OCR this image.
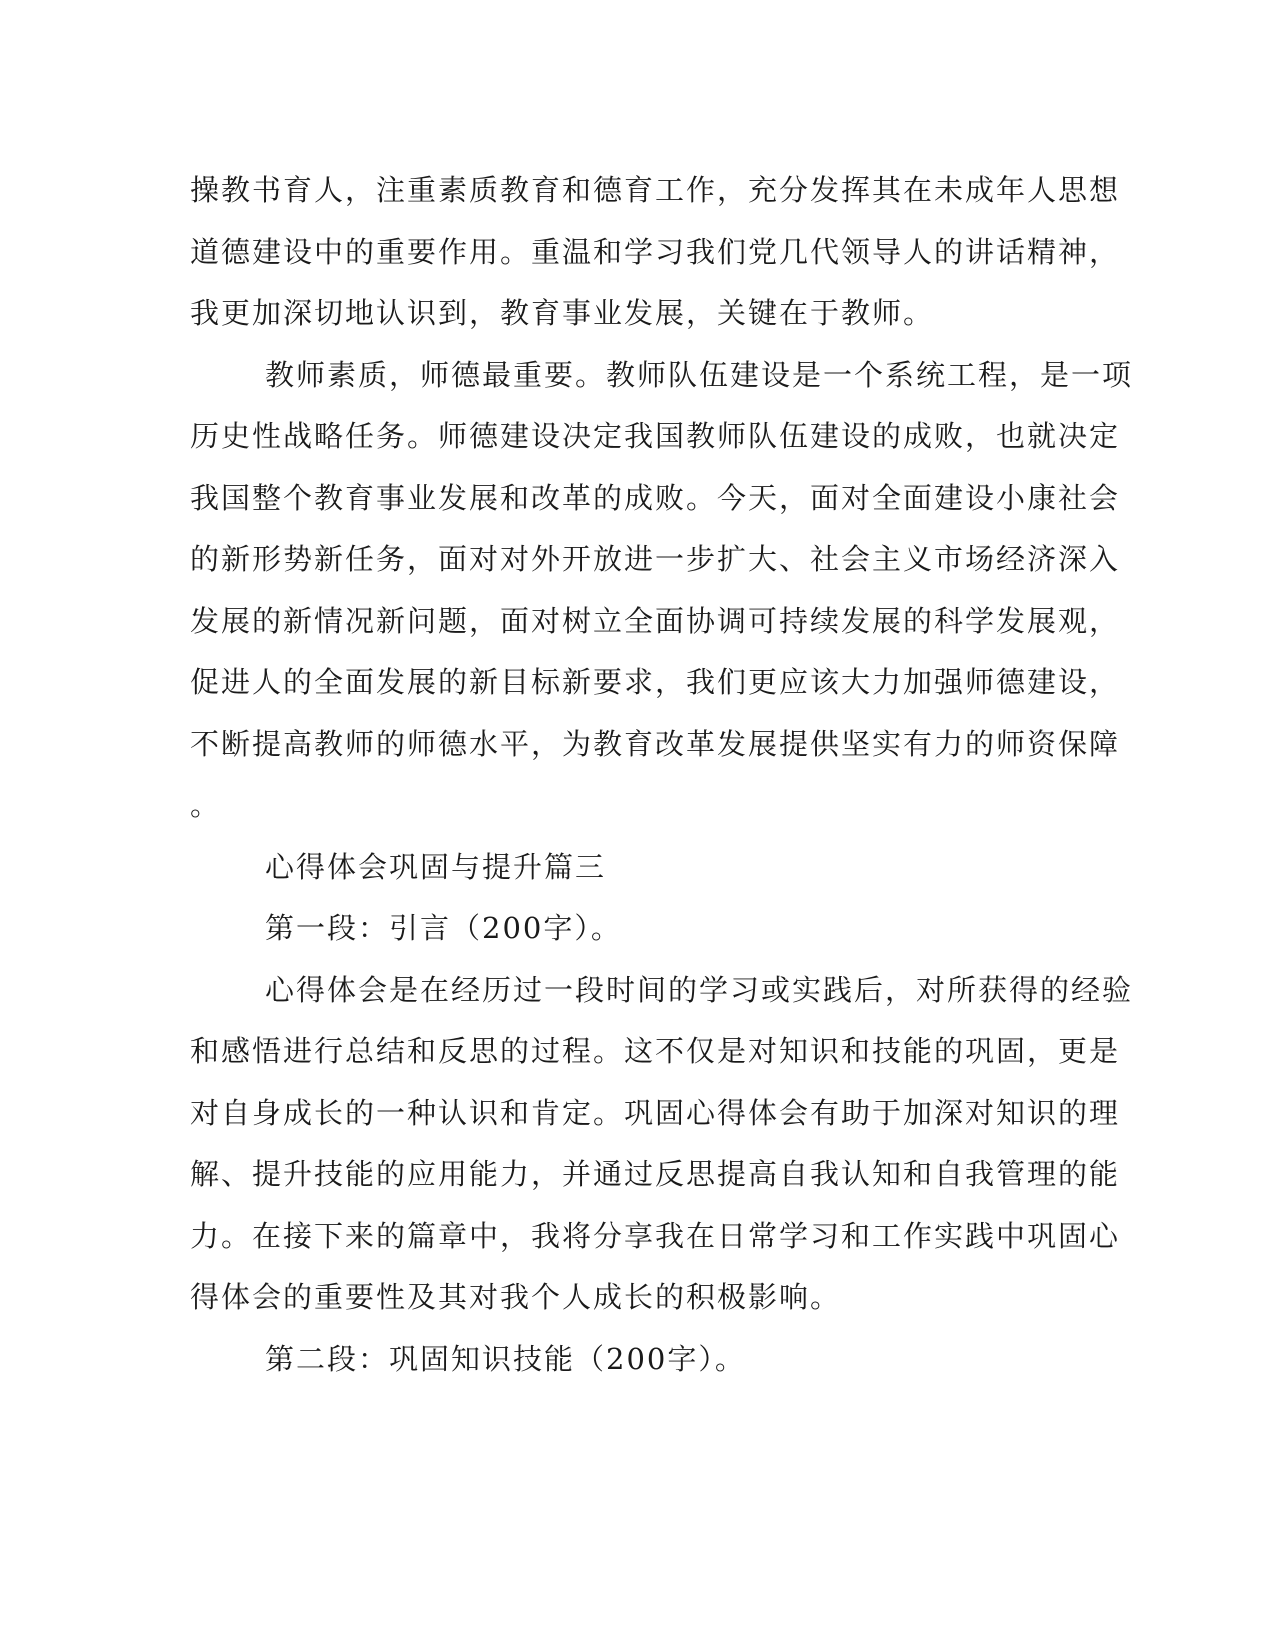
操教书育人，注重素质教育和德育工作，充分发挥其在未成年人思想
道德建设中的重要作用。重温和学习我们党几代领导人的讲话精神，
我更加深切地认识到，教育事业发展，关键在于教师。
教师素质，师德最重要。教师队伍建设是一个系统工程，是一项
历史性战略任务。师德建设决定我国教师队伍建设的成败，也就决定
我国整个教育事业发展和改革的成败。今天，面对全面建设小康社会
的新形势新任务，面对对外开放进一步扩大、社会主义市场经济深入
发展的新情况新问题，面对树立全面协调可持续发展的科学发展观，
促进人的全面发展的新目标新要求，我们更应该大力加强师德建设，
不断提高教师的师德水平，为教育改革发展提供坚实有力的师资保障
。
心得体会巩固与提升篇三
第一段：引言（200字）。
心得体会是在经历过一段时间的学习或实践后，对所获得的经验
和感悟进行总结和反思的过程。这不仅是对知识和技能的巩固，更是
对自身成长的一种认识和肯定。巩固心得体会有助于加深对知识的理
解、提升技能的应用能力，并通过反思提高自我认知和自我管理的能
力。在接下来的篇章中，我将分享我在日常学习和工作实践中巩固心
得体会的重要性及其对我个人成长的积极影响。
第二段：巩固知识技能（200字）。
